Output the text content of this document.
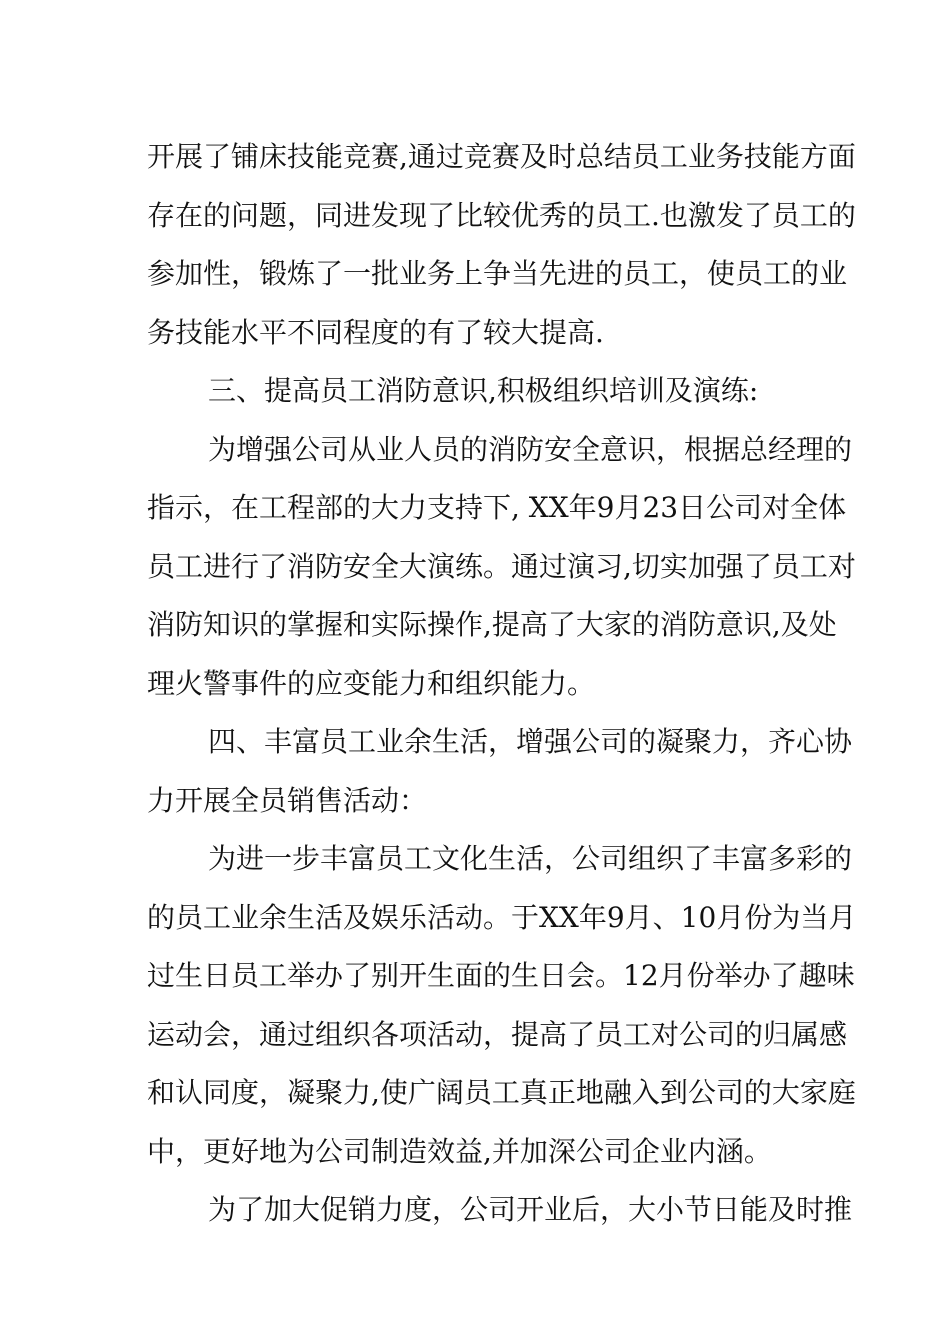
开展了铺床技能竞赛,通过竞赛及时总结员工业务技能方面
存在的问题，同进发现了比较优秀的员工.也激发了员工的
参加性，锻炼了一批业务上争当先进的员工，使员工的业
务技能水平不同程度的有了较大提高.
三、提高员工消防意识,积极组织培训及演练:
为增强公司从业人员的消防安全意识，根据总经理的
指示，在工程部的大力支持下, XX年9月23日公司对全体
员工进行了消防安全大演练。通过演习,切实加强了员工对
消防知识的掌握和实际操作,提高了大家的消防意识,及处
理火警事件的应变能力和组织能力。
四、丰富员工业余生活，增强公司的凝聚力，齐心协
力开展全员销售活动：
为进一步丰富员工文化生活，公司组织了丰富多彩的
的员工业余生活及娱乐活动。于XX年9月、10月份为当月
过生日员工举办了别开生面的生日会。12月份举办了趣味
运动会，通过组织各项活动，提高了员工对公司的归属感
和认同度，凝聚力,使广阔员工真正地融入到公司的大家庭
中，更好地为公司制造效益,并加深公司企业内涵。
为了加大促销力度，公司开业后，大小节日能及时推
